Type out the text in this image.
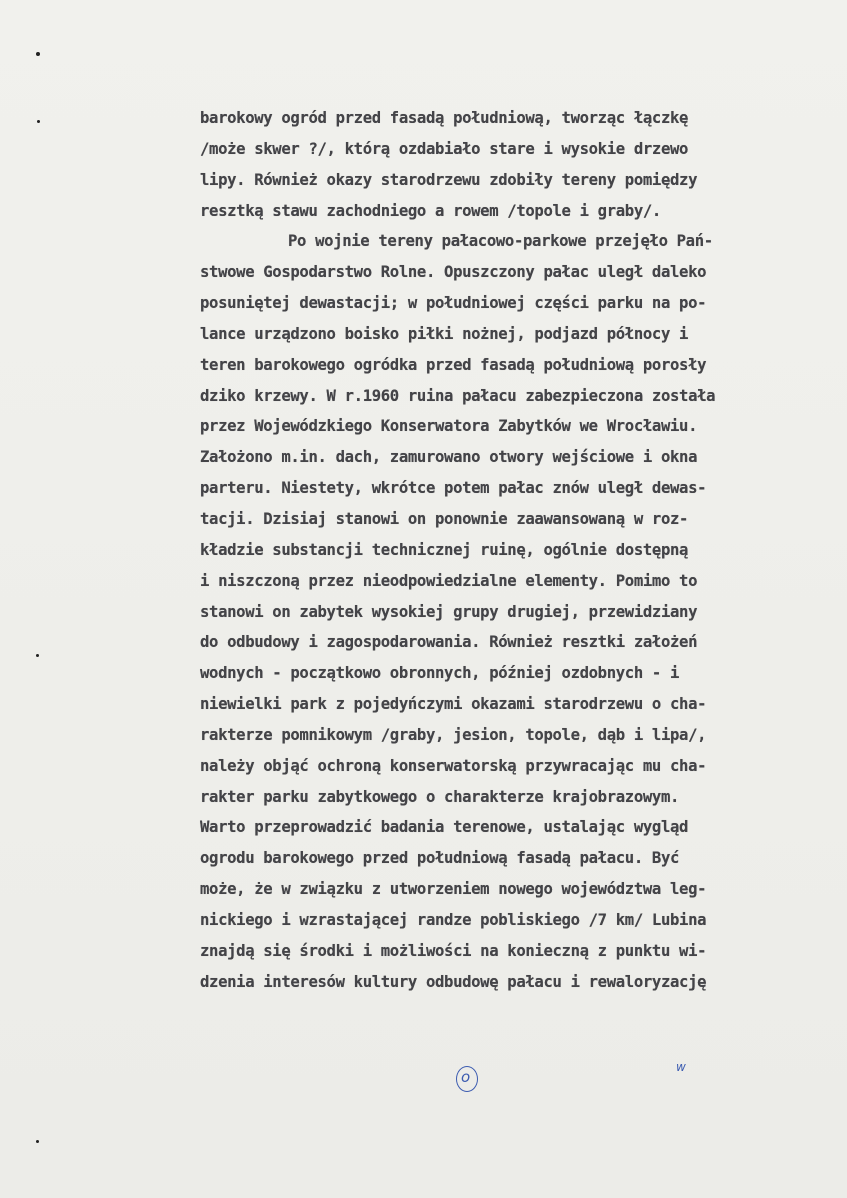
barokowy ogród przed fasadą południową, tworząc łączkę
/może skwer ?/, którą ozdabiało stare i wysokie drzewo
lipy. Również okazy starodrzewu zdobiły tereny pomiędzy
resztką stawu zachodniego a rowem /topole i graby/.
Po wojnie tereny pałacowo-parkowe przejęło Pań-
stwowe Gospodarstwo Rolne. Opuszczony pałac uległ daleko
posuniętej dewastacji; w południowej części parku na po-
lance urządzono boisko piłki nożnej, podjazd północy i
teren barokowego ogródka przed fasadą południową porosły
dziko krzewy. W r.1960 ruina pałacu zabezpieczona została
przez Wojewódzkiego Konserwatora Zabytków we Wrocławiu.
Założono m.in. dach, zamurowano otwory wejściowe i okna
parteru. Niestety, wkrótce potem pałac znów uległ dewas-
tacji. Dzisiaj stanowi on ponownie zaawansowaną w roz-
kładzie substancji technicznej ruinę, ogólnie dostępną
i niszczoną przez nieodpowiedzialne elementy. Pomimo to
stanowi on zabytek wysokiej grupy drugiej, przewidziany
do odbudowy i zagospodarowania. Również resztki założeń
wodnych - początkowo obronnych, później ozdobnych - i
niewielki park z pojedyńczymi okazami starodrzewu o cha-
rakterze pomnikowym /graby, jesion, topole, dąb i lipa/,
należy objąć ochroną konserwatorską przywracając mu cha-
rakter parku zabytkowego o charakterze krajobrazowym.
Warto przeprowadzić badania terenowe, ustalając wygląd
ogrodu barokowego przed południową fasadą pałacu. Być
może, że w związku z utworzeniem nowego województwa leg-
nickiego i wzrastającej randze pobliskiego /7 km/ Lubina
znajdą się środki i możliwości na konieczną z punktu wi-
dzenia interesów kultury odbudowę pałacu i rewaloryzację
o
w
